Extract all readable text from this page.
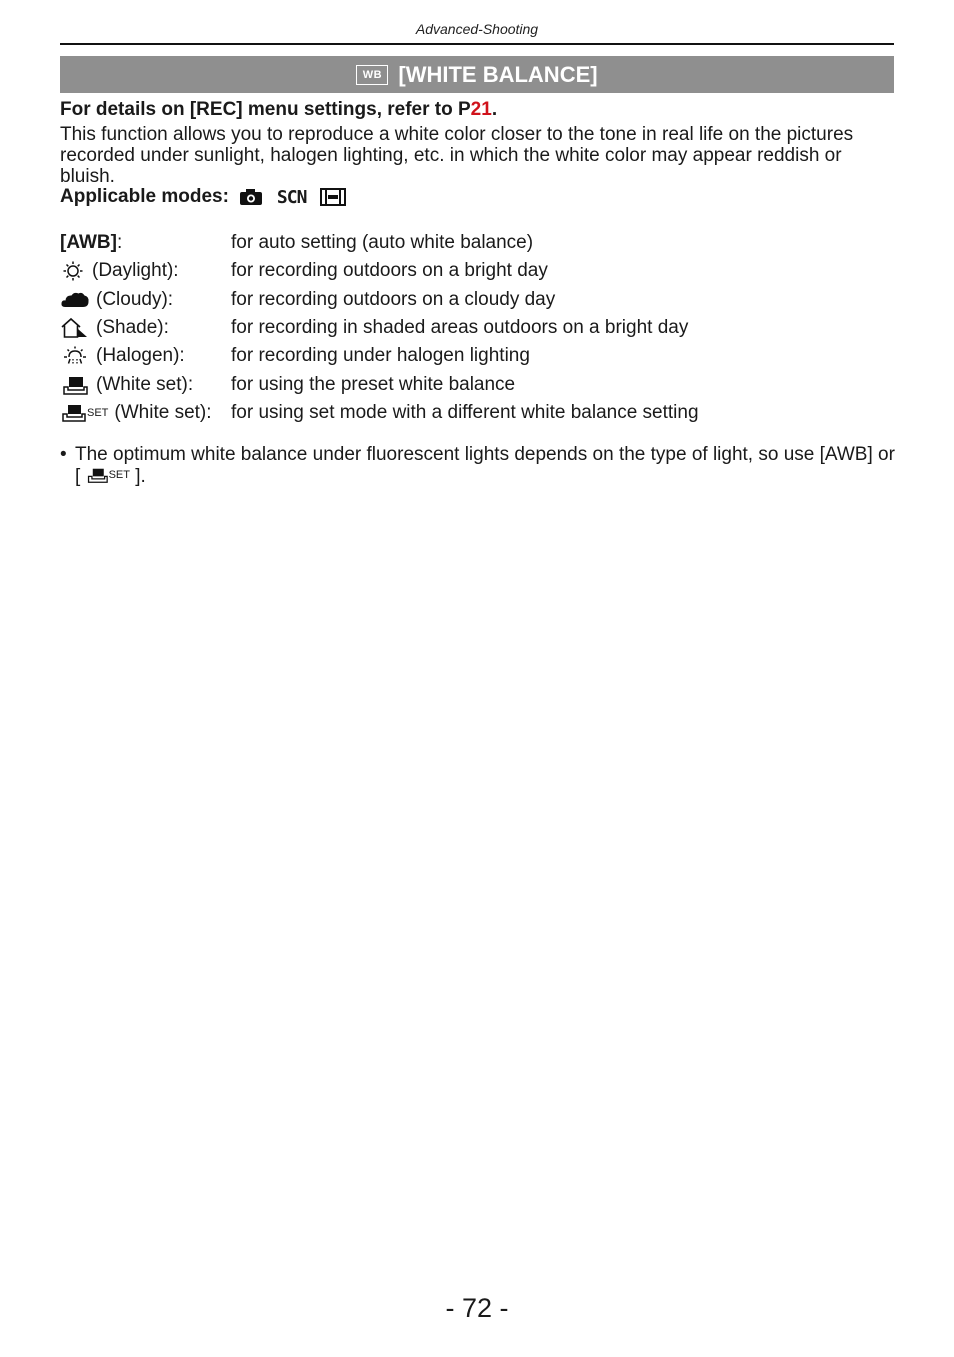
Advanced-Shooting
WB [WHITE BALANCE]
For details on [REC] menu settings, refer to P21.
This function allows you to reproduce a white color closer to the tone in real life on the pictures recorded under sunlight, halogen lighting, etc. in which the white color may appear reddish or bluish.
Applicable modes:	SCN
[AWB] :	for auto setting (auto white balance)
(Daylight):	for recording outdoors on a bright day
(Cloudy):	for recording outdoors on a cloudy day
(Shade):	for recording in shaded areas outdoors on a bright day
(Halogen): for recording under halogen lighting
(White set): for using the preset white balance
SET (White set): for using set mode with a different white balance setting
• The optimum white balance under fluorescent lights depends on the type of light, so use [AWB] or [	SET ].
- 72 -
